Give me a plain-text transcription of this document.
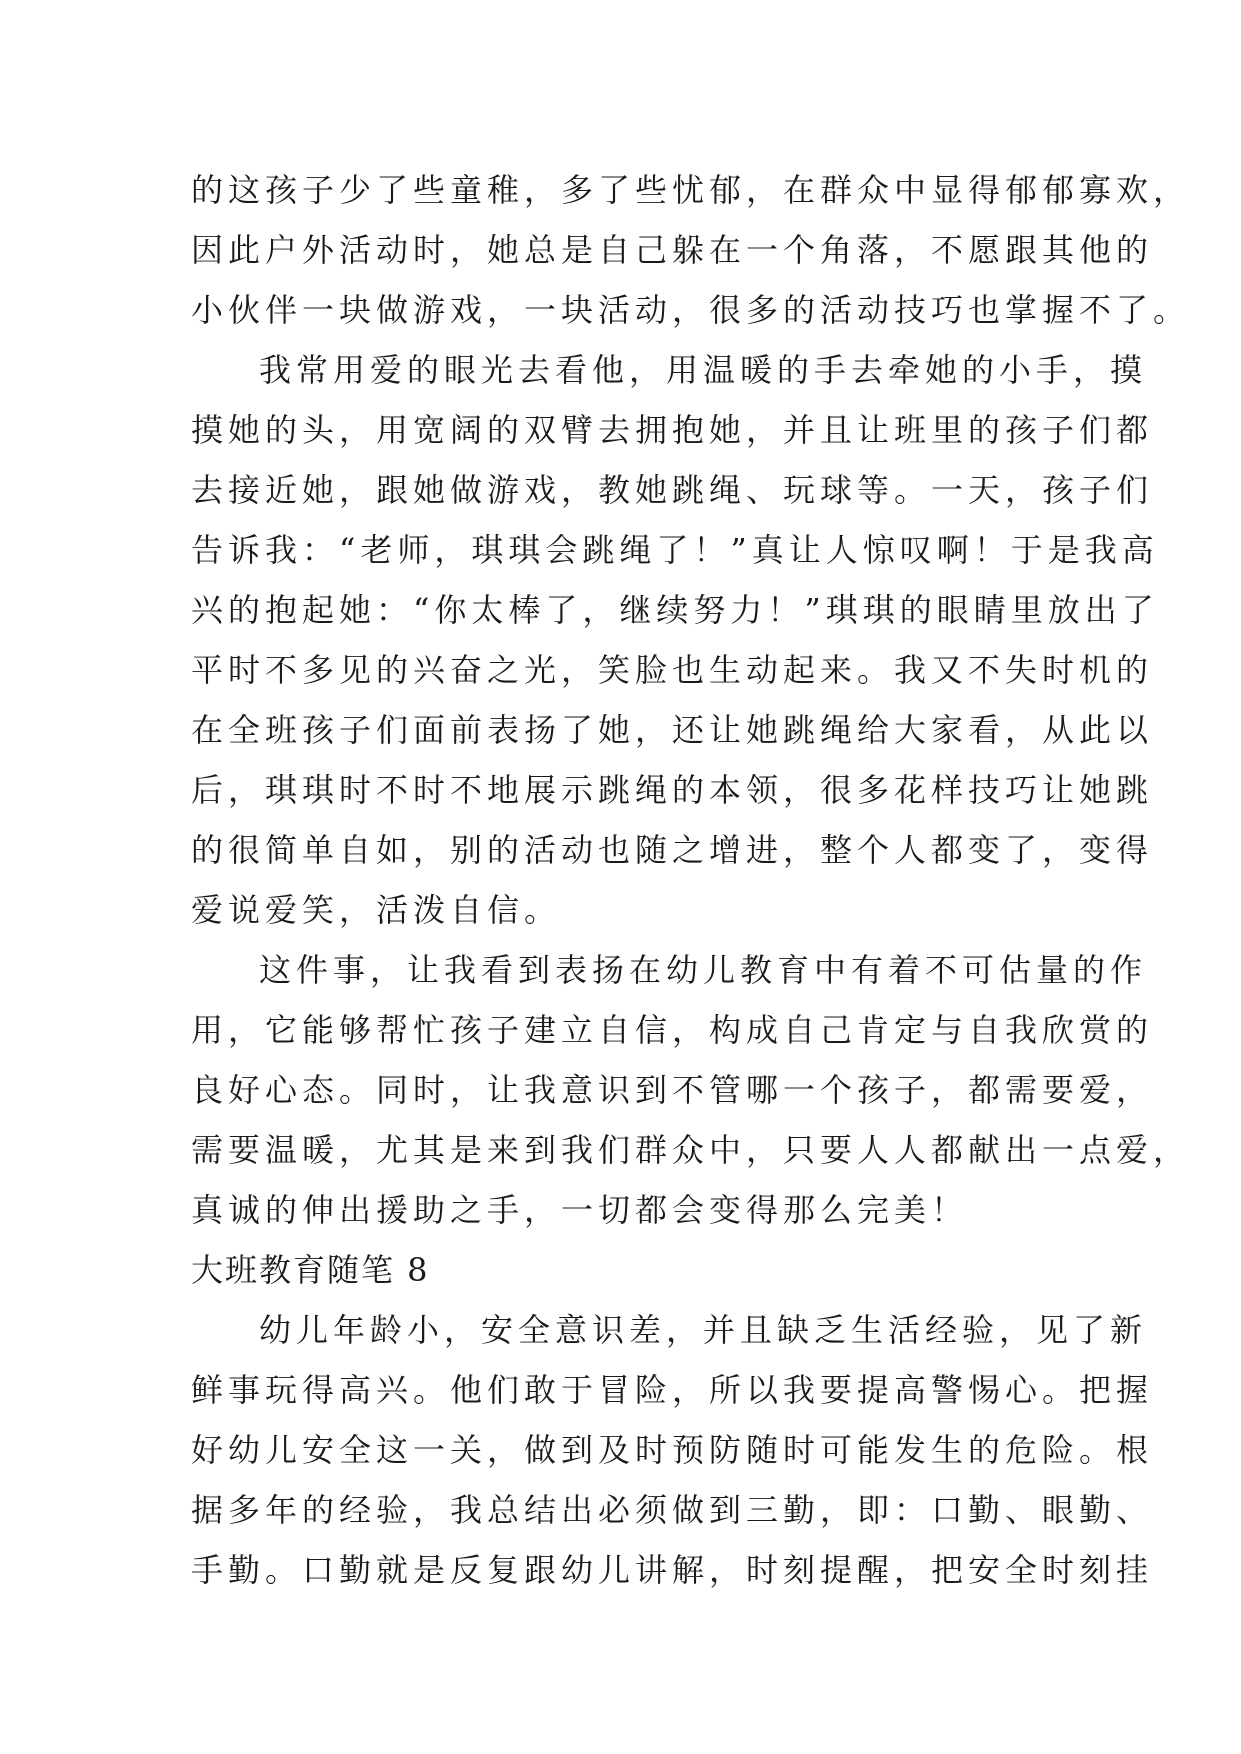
的这孩子少了些童稚，多了些忧郁，在群众中显得郁郁寡欢，
因此户外活动时，她总是自己躲在一个角落，不愿跟其他的
小伙伴一块做游戏，一块活动，很多的活动技巧也掌握不了。
我常用爱的眼光去看他，用温暖的手去牵她的小手，摸
摸她的头，用宽阔的双臂去拥抱她，并且让班里的孩子们都
去接近她，跟她做游戏，教她跳绳、玩球等。一天，孩子们
告诉我：“老师，琪琪会跳绳了！”真让人惊叹啊！于是我高
兴的抱起她：“你太棒了，继续努力！”琪琪的眼睛里放出了
平时不多见的兴奋之光，笑脸也生动起来。我又不失时机的
在全班孩子们面前表扬了她，还让她跳绳给大家看，从此以
后，琪琪时不时不地展示跳绳的本领，很多花样技巧让她跳
的很简单自如，别的活动也随之增进，整个人都变了，变得
爱说爱笑，活泼自信。
这件事，让我看到表扬在幼儿教育中有着不可估量的作
用，它能够帮忙孩子建立自信，构成自己肯定与自我欣赏的
良好心态。同时，让我意识到不管哪一个孩子，都需要爱，
需要温暖，尤其是来到我们群众中，只要人人都献出一点爱，
真诚的伸出援助之手，一切都会变得那么完美！
大班教育随笔 8
幼儿年龄小，安全意识差，并且缺乏生活经验，见了新
鲜事玩得高兴。他们敢于冒险，所以我要提高警惕心。把握
好幼儿安全这一关，做到及时预防随时可能发生的危险。根
据多年的经验，我总结出必须做到三勤，即：口勤、眼勤、
手勤。口勤就是反复跟幼儿讲解，时刻提醒，把安全时刻挂
